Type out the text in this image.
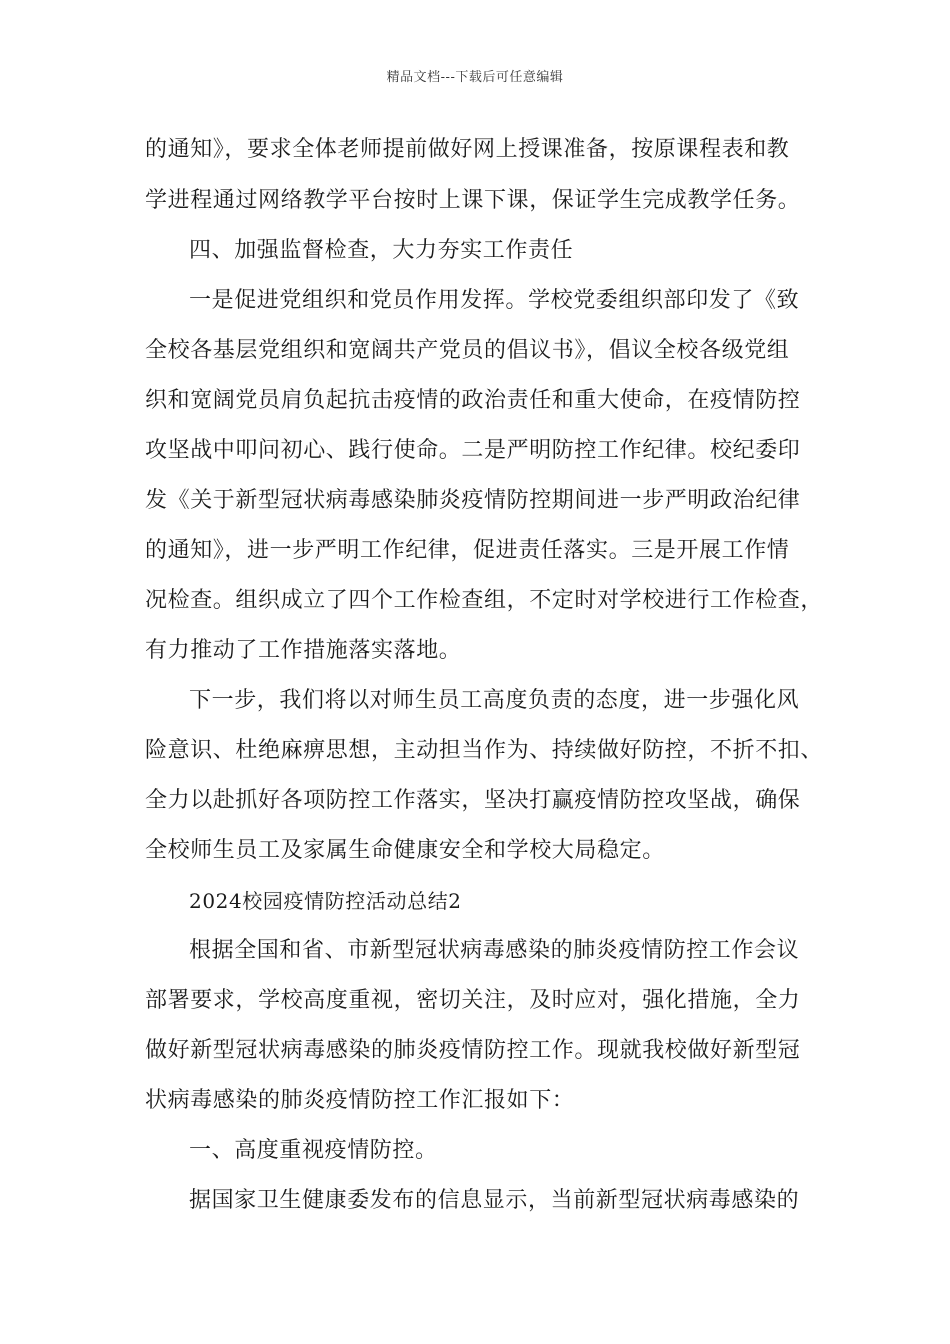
精品文档---下载后可任意编辑
的通知》，要求全体老师提前做好网上授课准备，按原课程表和教
学进程通过网络教学平台按时上课下课，保证学生完成教学任务。
四、加强监督检查，大力夯实工作责任
一是促进党组织和党员作用发挥。学校党委组织部印发了《致
全校各基层党组织和宽阔共产党员的倡议书》，倡议全校各级党组
织和宽阔党员肩负起抗击疫情的政治责任和重大使命，在疫情防控
攻坚战中叩问初心、践行使命。二是严明防控工作纪律。校纪委印
发《关于新型冠状病毒感染肺炎疫情防控期间进一步严明政治纪律
的通知》，进一步严明工作纪律，促进责任落实。三是开展工作情
况检查。组织成立了四个工作检查组，不定时对学校进行工作检查，
有力推动了工作措施落实落地。
下一步，我们将以对师生员工高度负责的态度，进一步强化风
险意识、杜绝麻痹思想，主动担当作为、持续做好防控，不折不扣、
全力以赴抓好各项防控工作落实，坚决打赢疫情防控攻坚战，确保
全校师生员工及家属生命健康安全和学校大局稳定。
2024校园疫情防控活动总结2
根据全国和省、市新型冠状病毒感染的肺炎疫情防控工作会议
部署要求，学校高度重视，密切关注，及时应对，强化措施，全力
做好新型冠状病毒感染的肺炎疫情防控工作。现就我校做好新型冠
状病毒感染的肺炎疫情防控工作汇报如下：
一、高度重视疫情防控。
据国家卫生健康委发布的信息显示，当前新型冠状病毒感染的
